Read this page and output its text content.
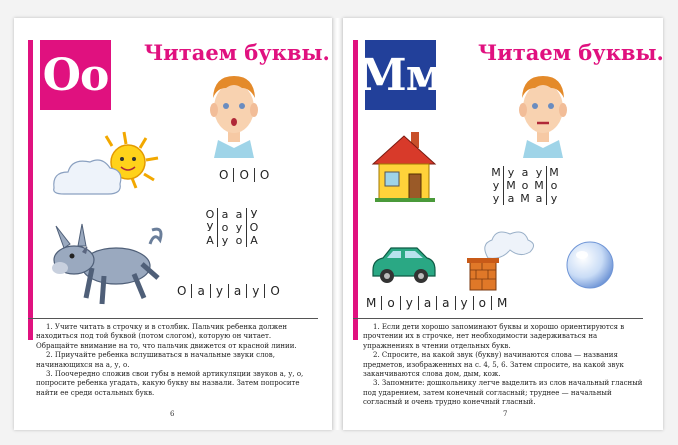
Оо Читаем буквы.
О О О
О а а У
У о у О
А у о А
О а у а у О

1. Учите читать в строчку и в столбик. Пальчик ребенка должен находиться под той буквой (потом слогом), которую он читает. Обращайте внимание на то, что пальчик движется от красной линии.

2. Приучайте ребенка вслушиваться в начальные звуки слов, начинающихся на а, у, о.

3. Поочередно сложив свои губы в немой артикуляции звуков а, у, о, попросите ребенка угадать, какую букву вы назвали. Затем попросите найти ее среди остальных букв.

6
Мм Читаем буквы.
М у а у М
у М о М о
у а М а у
М о у а а у о М

1. Если дети хорошо запоминают буквы и хорошо ориентируются в прочтении их в строчке, нет необходимости задерживаться на упражнениях в чтении отдельных букв.

2. Спросите, на какой звук (букву) начинаются слова — названия предметов, изображенных на с. 4, 5, 6. Затем спросите, на какой звук заканчиваются слова дом, дым, кож.

3. Запомните: дошкольнику легче выделить из слов начальный гласный под ударением, затем конечный согласный; труднее — начальный согласный и очень трудно конечный гласный.

7
